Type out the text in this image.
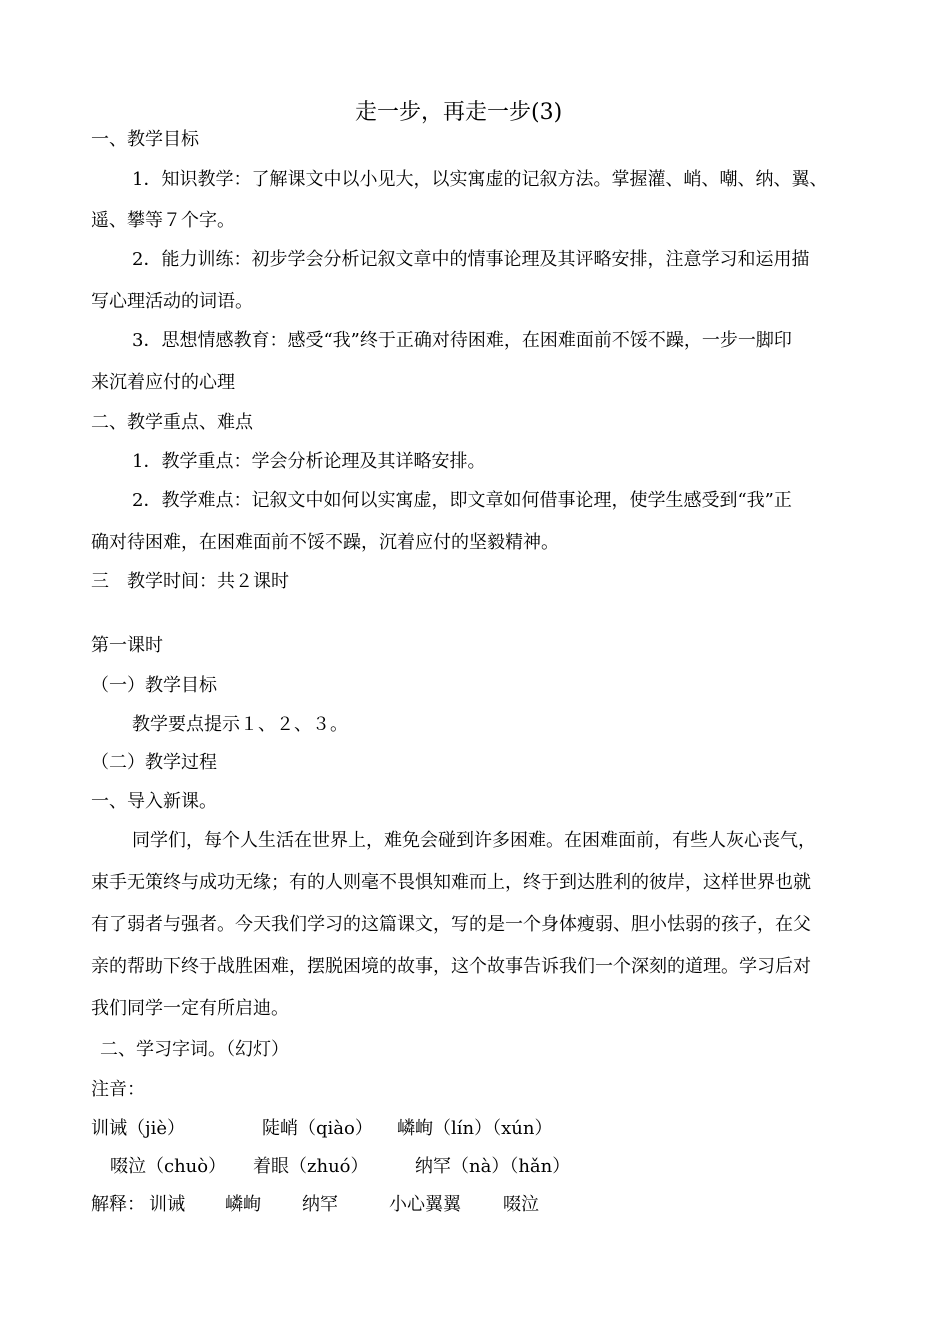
走一步，再走一步(3)
一、教学目标
1．知识教学：了解课文中以小见大，以实寓虚的记叙方法。掌握灌、峭、嘲、纳、翼、
遥、攀等７个字。
2．能力训练：初步学会分析记叙文章中的情事论理及其评略安排，注意学习和运用描
写心理活动的词语。
3．思想情感教育：感受“我”终于正确对待困难，在困难面前不馁不躁，一步一脚印
来沉着应付的心理
二、教学重点、难点
1．教学重点：学会分析论理及其详略安排。
2．教学难点：记叙文中如何以实寓虚，即文章如何借事论理，使学生感受到“我”正
确对待困难，在困难面前不馁不躁，沉着应付的坚毅精神。
三　教学时间：共２课时
第一课时
（一）教学目标
教学要点提示１、２、３。
（二）教学过程
一、导入新课。
同学们，每个人生活在世界上，难免会碰到许多困难。在困难面前，有些人灰心丧气，
束手无策终与成功无缘；有的人则毫不畏惧知难而上，终于到达胜利的彼岸，这样世界也就
有了弱者与强者。今天我们学习的这篇课文，写的是一个身体瘦弱、胆小怯弱的孩子，在父
亲的帮助下终于战胜困难，摆脱困境的故事，这个故事告诉我们一个深刻的道理。学习后对
我们同学一定有所启迪。
二、学习字词。（幻灯）
注音：
训诫（jiè）	陡峭（qiào） 嶙峋（lín）（xún）
啜泣（chuò） 着眼（zhuó）	纳罕（nà）（hǎn）
解释： 训诫 嶙峋 纳罕	小心翼翼 啜泣
